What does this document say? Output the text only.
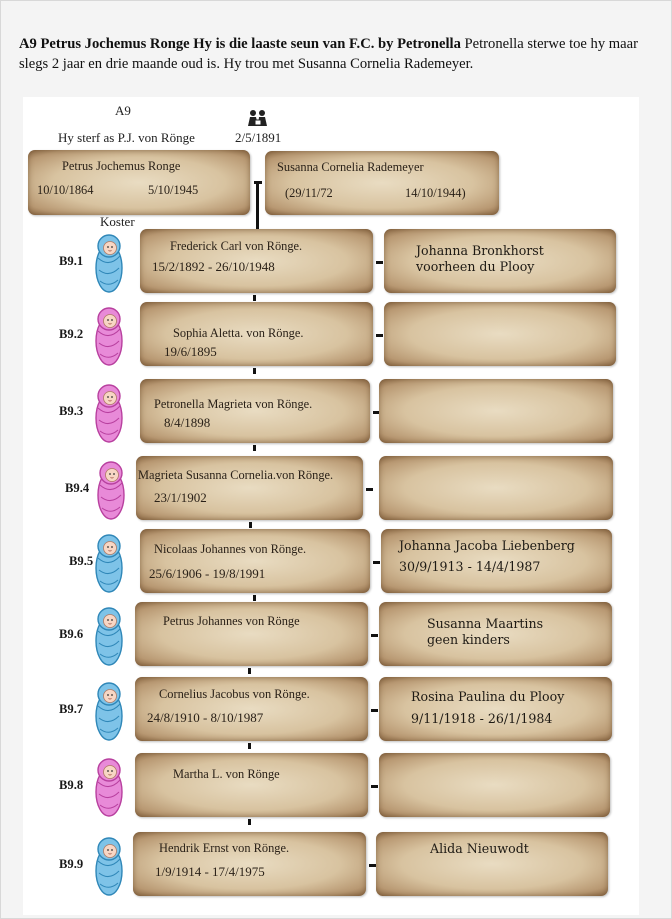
A9 Petrus Jochemus Ronge Hy is die laaste seun van F.C. by Petronella Petronella sterwe toe hy maar slegs 2 jaar en drie maande oud is. Hy trou met Susanna Cornelia Rademeyer.

A9
Hy sterf as P.J. von Rönge	2/5/1891
Petrus Jochemus Ronge
10/10/1864	5/10/1945
Susanna Cornelia Rademeyer
(29/11/72	14/10/1944)
Koster
B9.1
Frederick Carl von Rönge.
15/2/1892 - 26/10/1948
Johanna Bronkhorst
voorheen du Plooy
B9.2	Sophia Aletta. von Rönge.
19/6/1895
B9.3	Petronella Magrieta von Rönge.
8/4/1898
B9.4
Magrieta Susanna Cornelia.von Rönge.
23/1/1902
B9.5
Nicolaas Johannes von Rönge.
25/6/1906 - 19/8/1991
Johanna Jacoba Liebenberg
30/9/1913 - 14/4/1987
B9.6
Petrus Johannes von Rönge	Susanna Maartins
geen kinders
B9.7
Cornelius Jacobus von Rönge.
24/8/1910 - 8/10/1987
Rosina Paulina du Plooy
9/11/1918 - 26/1/1984
B9.8
Martha L. von Rönge
B9.9
Hendrik Ernst von Rönge.
1/9/1914 - 17/4/1975
Alida Nieuwodt
